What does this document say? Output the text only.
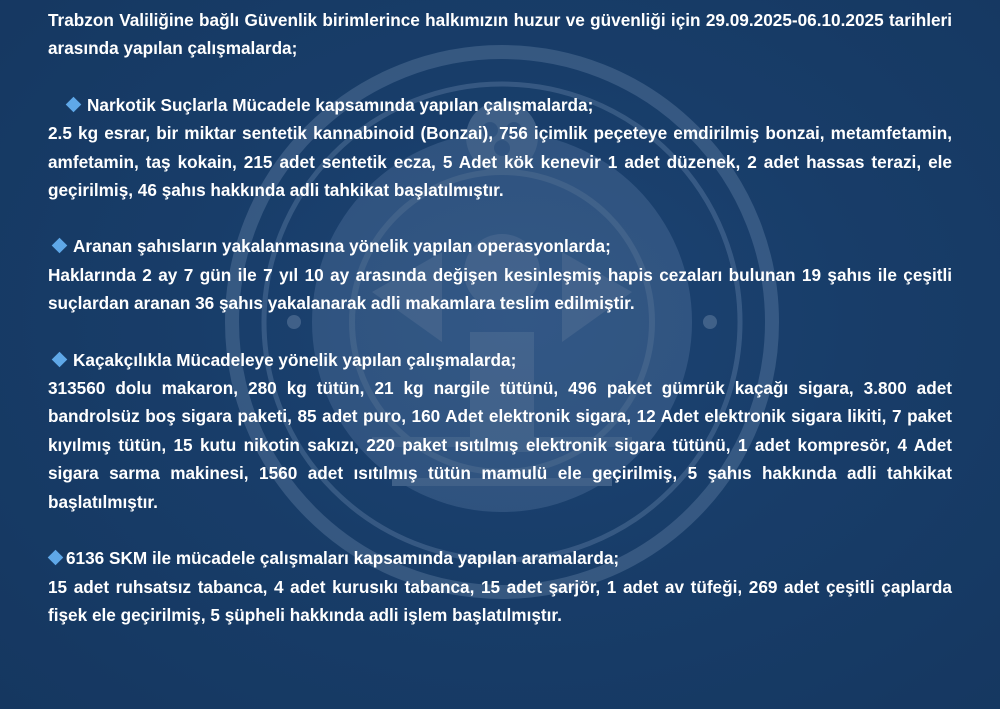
Trabzon Valiliğine bağlı Güvenlik birimlerince halkımızın huzur ve güvenliği için 29.09.2025-06.10.2025 tarihleri arasında yapılan çalışmalarda;

Narkotik Suçlarla Mücadele kapsamında yapılan çalışmalarda;

2.5 kg esrar, bir miktar sentetik kannabinoid (Bonzai), 756 içimlik peçeteye emdirilmiş bonzai, metamfetamin, amfetamin, taş kokain, 215 adet sentetik ecza, 5 Adet kök kenevir 1 adet düzenek, 2 adet hassas terazi, ele geçirilmiş, 46 şahıs hakkında adli tahkikat başlatılmıştır.

Aranan şahısların yakalanmasına yönelik yapılan operasyonlarda;

Haklarında 2 ay 7 gün ile 7 yıl 10 ay arasında değişen kesinleşmiş hapis cezaları bulunan 19 şahıs ile çeşitli suçlardan aranan 36 şahıs yakalanarak adli makamlara teslim edilmiştir.

Kaçakçılıkla Mücadeleye yönelik yapılan çalışmalarda;

313560 dolu makaron, 280 kg tütün, 21 kg nargile tütünü, 496 paket gümrük kaçağı sigara, 3.800 adet bandrolsüz boş sigara paketi, 85 adet puro, 160 Adet elektronik sigara, 12 Adet elektronik sigara likiti, 7 paket kıyılmış tütün, 15 kutu nikotin sakızı, 220 paket ısıtılmış elektronik sigara tütünü, 1 adet kompresör, 4 Adet sigara sarma makinesi, 1560 adet ısıtılmış tütün mamulü ele geçirilmiş, 5 şahıs hakkında adli tahkikat başlatılmıştır.

6136 SKM ile mücadele çalışmaları kapsamında yapılan aramalarda;

15 adet ruhsatsız tabanca, 4 adet kurusıkı tabanca, 15 adet şarjör, 1 adet av tüfeği, 269 adet çeşitli çaplarda fişek ele geçirilmiş, 5 şüpheli hakkında adli işlem başlatılmıştır.
